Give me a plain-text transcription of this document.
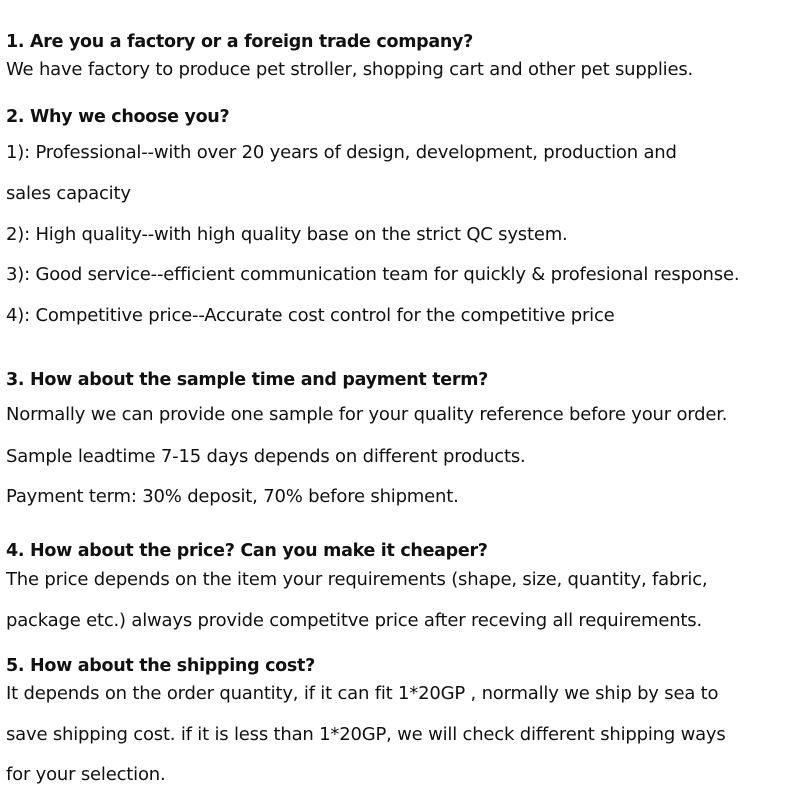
1. Are you a factory or a foreign trade company?
We have factory to produce pet stroller, shopping cart and other pet supplies.
2. Why we choose you?
1): Professional--with over 20 years of design, development, production and
sales capacity
2): High quality--with high quality base on the strict QC system.
3): Good service--efficient communication team for quickly & profesional response.
4): Competitive price--Accurate cost control for the competitive price
3. How about the sample time and payment term?
Normally we can provide one sample for your quality reference before your order.
Sample leadtime 7-15 days depends on different products.
Payment term: 30% deposit, 70% before shipment.
4. How about the price? Can you make it cheaper?
The price depends on the item your requirements (shape, size, quantity, fabric,
package etc.) always provide competitve price after receving all requirements.
5. How about the shipping cost?
It depends on the order quantity, if it can fit 1*20GP , normally we ship by sea to
save shipping cost. if it is less than 1*20GP, we will check different shipping ways
for your selection.
